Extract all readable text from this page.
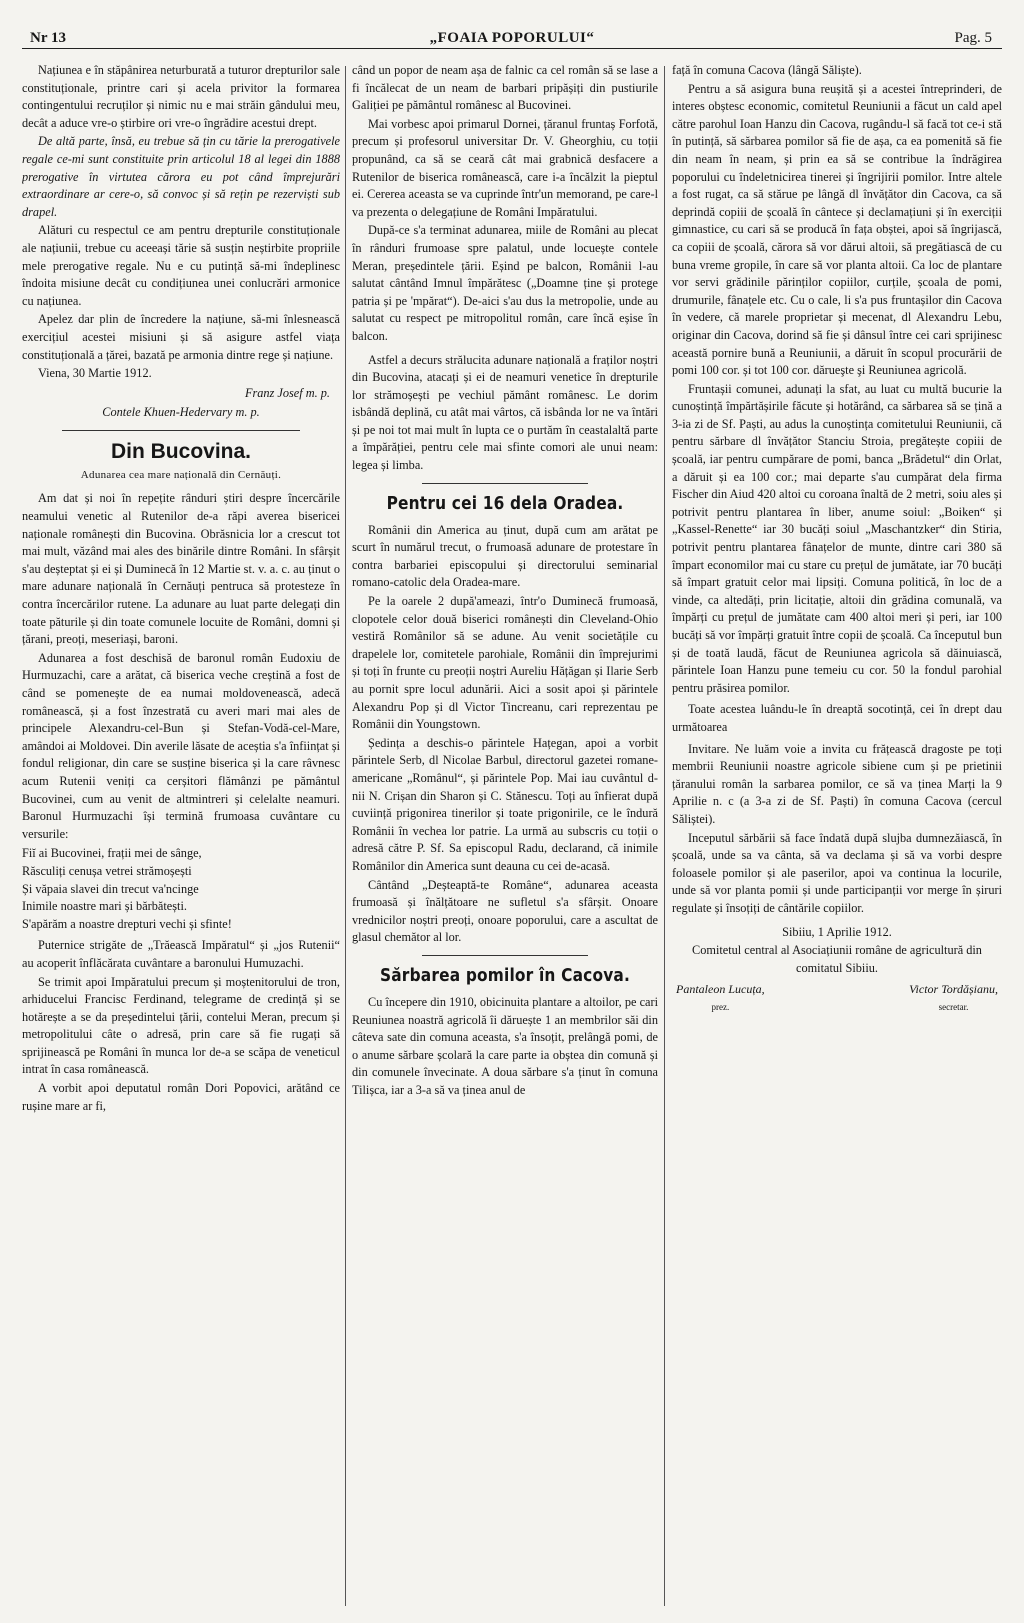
Nr 13	„FOAIA POPORULUI“	Pag. 5

Națiunea e în stăpânirea neturburată a tuturor drepturilor sale constituționale, printre cari și acela privitor la formarea contingentului recruților și nimic nu e mai străin gândului meu, decât a aduce vre-o știrbire ori vre-o îngrădire acestui drept.

De altă parte, însă, eu trebue să țin cu tărie la prerogativele regale ce-mi sunt constituite prin articolul 18 al legei din 1888 prerogative în virtutea cărora eu pot când împrejurări extraordinare ar cere-o, să convoc și să rețin pe rezerviști sub drapel.

Alături cu respectul ce am pentru drepturile constituționale ale națiunii, trebue cu aceeași tărie să susțin neștirbite propriile mele prerogative regale. Nu e cu putință să-mi îndeplinesc îndoita misiune decât cu condițiunea unei conlucrări armonice cu națiunea.

Apelez dar plin de încredere la națiune, să-mi înlesnească exercițiul acestei misiuni și să asigure astfel viața constituțională a țărei, bazată pe armonia dintre rege și națiune.

Viena, 30 Martie 1912.

Franz Josef m. p.

Contele Khuen-Hedervary m. p.

Din Bucovina.

Adunarea cea mare națională din Cernăuți.

Am dat și noi în repețite rânduri știri despre încercările neamului venetic al Rutenilor de-a răpi averea bisericei naționale românești din Bucovina. Obrăsnicia lor a crescut tot mai mult, văzând mai ales des binările dintre Români. In sfârșit s'au deșteptat și ei și Duminecă în 12 Martie st. v. a. c. au ținut o mare adunare națională în Cernăuți pentruca să protesteze în contra încercărilor rutene. La adunare au luat parte delegați din toate păturile și din toate comunele locuite de Români, domni și țărani, preoți, meseriași, baroni.

Adunarea a fost deschisă de baronul român Eudoxiu de Hurmuzachi, care a arătat, că biserica veche creștină a fost de când se pomenește de ea numai moldovenească, adecă românească, și a fost înzestrată cu averi mari mai ales de principele Alexandru-cel-Bun și Stefan-Vodă-cel-Mare, amândoi ai Moldovei. Din averile lăsate de aceștia s'a înființat și fondul religionar, din care se susține biserica și la care râvnesc acum Rutenii veniți ca cerșitori flămânzi pe pământul Bucovinei, cum au venit de altmintreri și celelalte neamuri. Baronul Hurmuzachi își termină frumoasa cuvântare cu versurile:

Fiĭ ai Bucovinei, frații mei de sânge,

Răsculiți cenușa vetrei strămoșești

Și văpaia slavei din trecut va'ncinge

Inimile noastre mari și bărbătești.

S'apărăm a noastre drepturi vechi și sfinte!

Puternice strigăte de „Trăească Impăratul“ și „jos Rutenii“ au acoperit înflăcărata cuvântare a baronului Humuzachi.

Se trimit apoi Impăratului precum și moștenitorului de tron, arhiducelui Francisc Ferdinand, telegrame de credință și se hotărește a se da președintelui țării, contelui Meran, precum și metropolitului câte o adresă, prin care să fie rugați să sprijinească pe Români în munca lor de-a se scăpa de veneticul intrat în casa românească.

A vorbit apoi deputatul român Dori Popovici, arătând ce rușine mare ar fi,

când un popor de neam așa de falnic ca cel român să se lase a fi încălecat de un neam de barbari pripășiți din pustiurile Galiției pe pământul românesc al Bucovinei.

Mai vorbesc apoi primarul Dornei, țăranul fruntaș Forfotă, precum și profesorul universitar Dr. V. Gheorghiu, cu toții propunând, ca să se ceară cât mai grabnică desfacere a Rutenilor de biserica românească, care i-a încălzit la pieptul ei. Cererea aceasta se va cuprinde într'un memorand, pe care-l va prezenta o delegațiune de Români Impăratului.

După-ce s'a terminat adunarea, miile de Români au plecat în rânduri frumoase spre palatul, unde locuește contele Meran, președintele țării. Eșind pe balcon, Românii l-au salutat cântând Imnul împărătesc („Doamne ține și protege patria și pe 'mpărat“). De-aici s'au dus la metropolie, unde au salutat cu respect pe mitropolitul român, care încă eșise în balcon.

Astfel a decurs strălucita adunare națională a fraților noștri din Bucovina, atacați și ei de neamuri venetice în drepturile lor strămoșești pe vechiul pământ românesc. Le dorim isbândă deplină, cu atât mai vârtos, că isbânda lor ne va întări și pe noi tot mai mult în lupta ce o purtăm în ceastalaltă parte a împărăției, pentru cele mai sfinte comori ale unui neam: legea și limba.

Pentru cei 16 dela Oradea.

Românii din America au ținut, după cum am arătat pe scurt în numărul trecut, o frumoasă adunare de protestare în contra barbariei episcopului și directorului seminarial romano-catolic dela Oradea-mare.

Pe la oarele 2 după'ameazi, într'o Duminecă frumoasă, clopotele celor două biserici românești din Cleveland-Ohio vestiră Românilor să se adune. Au venit societățile cu drapelele lor, comitetele parohiale, Românii din împrejurimi și toți în frunte cu preoții noștri Aureliu Hățăgan și Ilarie Serb au pornit spre locul adunării. Aici a sosit apoi și părintele Alexandru Pop și dl Victor Tincreanu, cari reprezentau pe Românii din Youngstown.

Ședința a deschis-o părintele Hațegan, apoi a vorbit părintele Serb, dl Nicolae Barbul, directorul gazetei romane-americane „Românul“, și părintele Pop. Mai iau cuvântul d-nii N. Crișan din Sharon și C. Stănescu. Toți au înfierat după cuviință prigonirea tinerilor și toate prigonirile, ce le îndură Românii în vechea lor patrie. La urmă au subscris cu toții o adresă către P. Sf. Sa episcopul Radu, declarand, că inimile Românilor din America sunt deauna cu cei de-acasă.

Cântând „Deșteaptă-te Române“, adunarea aceasta frumoasă și înălțătoare ne sufletul s'a sfârșit. Onoare vrednicilor noștri preoți, onoare poporului, care a ascultat de glasul chemător al lor.

Sărbarea pomilor în Cacova.

Cu începere din 1910, obicinuita plantare a altoilor, pe cari Reuniunea noastră agricolă îi dăruește 1 an membrilor săi din câteva sate din comuna aceasta, s'a însoțit, prelângă pomi, de o anume sărbare școlară la care parte ia obștea din comună și din comunele învecinate. A doua sărbare s'a ținut în comuna Tilișca, iar a 3-a să va ținea anul de

față în comuna Cacova (lângă Săliște).

Pentru a să asigura buna reușită și a acestei întreprinderi, de interes obștesc economic, comitetul Reuniunii a făcut un cald apel către parohul Ioan Hanzu din Cacova, rugându-l să facă tot ce-i stă în putință, să sărbarea pomilor să fie de așa, ca ea pomenită să fie din neam în neam, și prin ea să se contribue la îndrăgirea poporului cu îndeletnicirea tinerei și îngrijirii pomilor. Intre altele a fost rugat, ca să stărue pe lângă dl învățător din Cacova, ca să deprindă copiii de școală în cântece și declamațiuni și în exerciții gimnastice, cu cari să se producă în fața obștei, apoi să îngrijască, ca copiii de școală, cărora să vor dărui altoii, să pregătiască de cu buna vreme gropile, în care să vor planta altoii. Ca loc de plantare vor servi grădinile părinților copiilor, curțile, școala de pomi, drumurile, fânațele etc. Cu o cale, li s'a pus fruntașilor din Cacova în vedere, că marele proprietar și mecenat, dl Alexandru Lebu, originar din Cacova, dorind să fie și dânsul între cei cari sprijinesc această pornire bună a Reuniunii, a dăruit în scopul procurării de pomi 100 cor. și tot 100 cor. dărueşte şi Reuniunea agricolă.

Fruntașii comunei, adunați la sfat, au luat cu multă bucurie la cunoștință împărtășirile făcute și hotărând, ca sărbarea să se țină a 3-ia zi de Sf. Paști, au adus la cunoștința comitetului Reuniunii, că pentru sărbare dl învățător Stanciu Stroia, pregătește copiii de școală, iar pentru cumpărare de pomi, banca „Brădetul“ din Orlat, a dăruit și ea 100 cor.; mai departe s'au cumpărat dela firma Fischer din Aiud 420 altoi cu coroana înaltă de 2 metri, soiu ales și potrivit pentru plantarea în liber, anume soiul: „Boiken“ și „Kassel-Renette“ iar 30 bucăți soiul „Maschantzker“ din Stiria, potrivit pentru plantarea fânațelor de munte, dintre cari 380 să împart economilor mai cu stare cu prețul de jumătate, iar 70 bucăți să împart gratuit celor mai lipsiți. Comuna politică, în loc de a vinde, ca altedăți, prin licitație, altoii din grădina comunală, va împărți cu prețul de jumătate cam 400 altoi meri și peri, iar 100 bucăți să vor împărți gratuit între copii de școală. Ca începutul bun și de toată laudă, făcut de Reuniunea agricola să dăinuiască, părintele Ioan Hanzu pune temeiu cu cor. 50 la fondul parohial pentru prăsirea pomilor.

Toate acestea luându-le în dreaptă socotință, cei în drept dau următoarea

Invitare. Ne luăm voie a invita cu frățească dragoste pe toți membrii Reuniunii noastre agricole sibiene cum și pe prietinii țăranului român la sarbarea pomilor, ce să va ținea Marți la 9 Aprilie n. c (a 3-a zi de Sf. Paști) în comuna Cacova (cercul Săliștei).

Inceputul sărbării să face îndată după slujba dumnezăiască, în școală, unde sa va cânta, să va declama și să va vorbi despre foloasele pomilor și ale paserilor, apoi va continua la locurile, unde să vor planta pomii și unde participanții vor merge în șiruri regulate și însoțiți de cântările copiilor.

Sibiiu, 1 Aprilie 1912.

Comitetul central al Asociațiunii române de agricultură din comitatul Sibiiu.

Pantaleon Lucuța,
prez.
Victor Tordășianu,
secretar.
